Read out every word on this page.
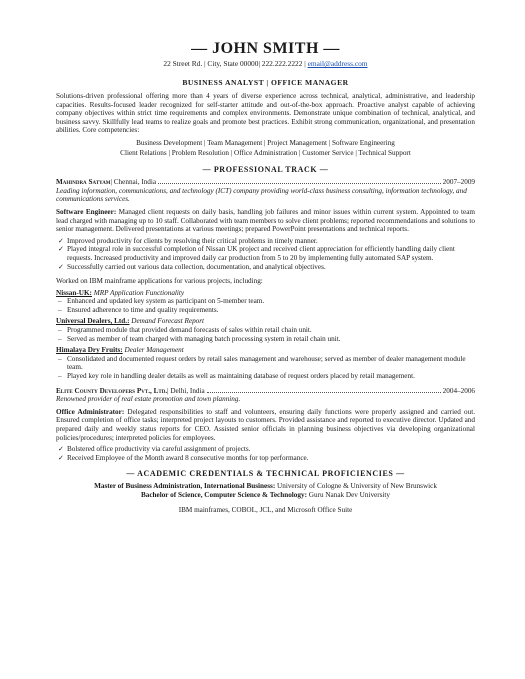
— JOHN SMITH —
22 Street Rd. | City, State 00000| 222.222.2222 | email@address.com
BUSINESS ANALYST | OFFICE MANAGER
Solutions-driven professional offering more than 4 years of diverse experience across technical, analytical, administrative, and leadership capacities. Results-focused leader recognized for self-starter attitude and out-of-the-box approach. Proactive analyst capable of achieving company objectives within strict time requirements and complex environments. Demonstrate unique combination of technical, analytical, and business savvy. Skillfully lead teams to realize goals and promote best practices. Exhibit strong communication, organizational, and presentation abilities. Core competencies:
Business Development | Team Management | Project Management | Software Engineering
Client Relations | Problem Resolution | Office Administration | Customer Service | Technical Support
— PROFESSIONAL TRACK —
Mahindra Satyam | Chennai, India	2007–2009
Leading information, communications, and technology (ICT) company providing world-class business consulting, information technology, and communications services.
Software Engineer: Managed client requests on daily basis, handling job failures and minor issues within current system. Appointed to team lead charged with managing up to 10 staff. Collaborated with team members to solve client problems; reported recommendations and solutions to senior management. Delivered presentations at various meetings; prepared PowerPoint presentations and technical reports.
✓ Improved productivity for clients by resolving their critical problems in timely manner.
✓ Played integral role in successful completion of Nissan UK project and received client appreciation for efficiently handling daily client requests. Increased productivity and improved daily car production from 5 to 20 by implementing fully automated SAP system.
✓ Successfully carried out various data collection, documentation, and analytical objectives.
Worked on IBM mainframe applications for various projects, including:
Nissan-UK: MRP Application Functionality
– Enhanced and updated key system as participant on 5-member team.
– Ensured adherence to time and quality requirements.
Universal Dealers, Ltd.: Demand Forecast Report
– Programmed module that provided demand forecasts of sales within retail chain unit.
– Served as member of team charged with managing batch processing system in retail chain unit.
Himalaya Dry Fruits: Dealer Management
– Consolidated and documented request orders by retail sales management and warehouse; served as member of dealer management module team.
– Played key role in handling dealer details as well as maintaining database of request orders placed by retail management.
Elite County Developers Pvt., Ltd. | Delhi, India	2004–2006
Renowned provider of real estate promotion and town planning.
Office Administrator: Delegated responsibilities to staff and volunteers, ensuring daily functions were properly assigned and carried out. Ensured completion of office tasks; interpreted project layouts to customers. Provided assistance and reported to executive director. Updated and prepared daily and weekly status reports for CEO. Assisted senior officials in planning business objectives via developing organizational policies/procedures; interpreted policies for employees.
✓ Bolstered office productivity via careful assignment of projects.
✓ Received Employee of the Month award 8 consecutive months for top performance.
— ACADEMIC CREDENTIALS & TECHNICAL PROFICIENCIES —
Master of Business Administration, International Business: University of Cologne & University of New Brunswick
Bachelor of Science, Computer Science & Technology: Guru Nanak Dev University
IBM mainframes, COBOL, JCL, and Microsoft Office Suite
